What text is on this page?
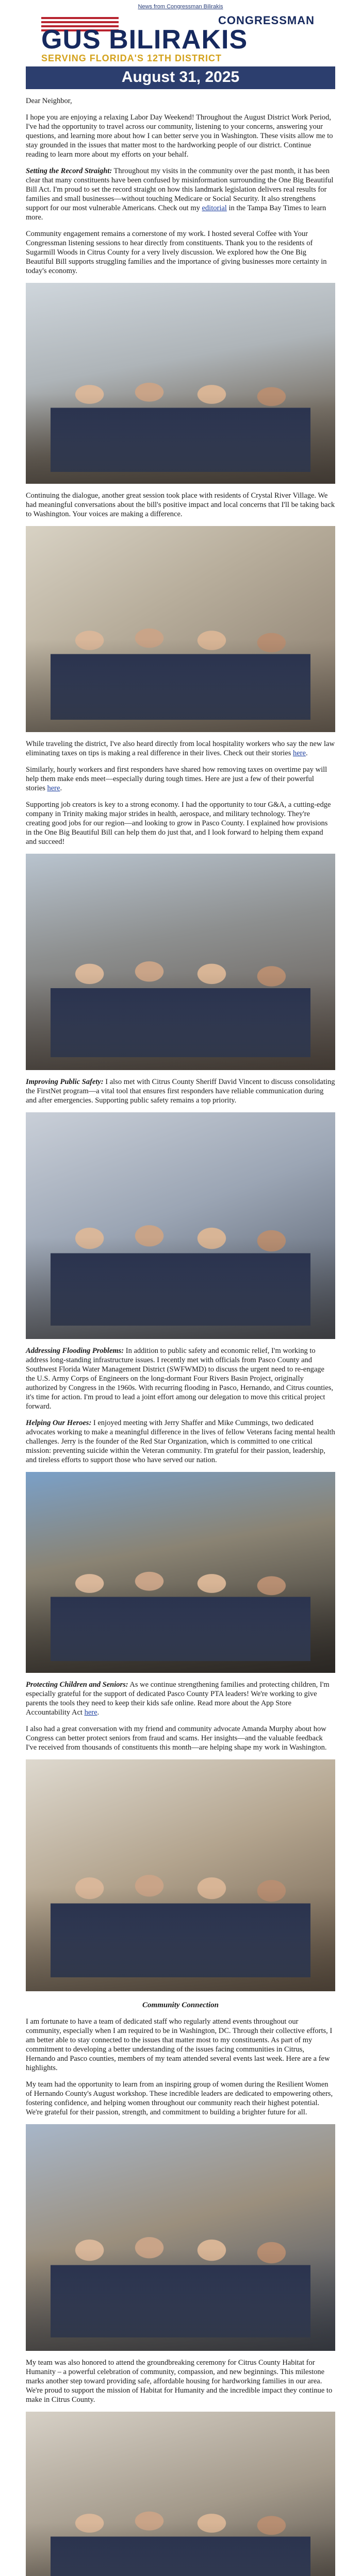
News from Congressman Bilirakis
CONGRESSMAN
GUS BILIRAKIS
SERVING FLORIDA'S 12TH DISTRICT
August 31, 2025

Dear Neighbor,

I hope you are enjoying a relaxing Labor Day Weekend! Throughout the August District Work Period, I've had the opportunity to travel across our community, listening to your concerns, answering your questions, and learning more about how I can better serve you in Washington. These visits allow me to stay grounded in the issues that matter most to the hardworking people of our district. Continue reading to learn more about my efforts on your behalf.

Setting the Record Straight: Throughout my visits in the community over the past month, it has been clear that many constituents have been confused by misinformation surrounding the One Big Beautiful Bill Act. I'm proud to set the record straight on how this landmark legislation delivers real results for families and small businesses—without touching Medicare or Social Security. It also strengthens support for our most vulnerable Americans. Check out my editorial in the Tampa Bay Times to learn more.

Community engagement remains a cornerstone of my work. I hosted several Coffee with Your Congressman listening sessions to hear directly from constituents. Thank you to the residents of Sugarmill Woods in Citrus County for a very lively discussion. We explored how the One Big Beautiful Bill supports struggling families and the importance of giving businesses more certainty in today's economy.

Continuing the dialogue, another great session took place with residents of Crystal River Village. We had meaningful conversations about the bill's positive impact and local concerns that I'll be taking back to Washington. Your voices are making a difference.

While traveling the district, I've also heard directly from local hospitality workers who say the new law eliminating taxes on tips is making a real difference in their lives. Check out their stories here.

Similarly, hourly workers and first responders have shared how removing taxes on overtime pay will help them make ends meet—especially during tough times. Here are just a few of their powerful stories here.

Supporting job creators is key to a strong economy. I had the opportunity to tour G&A, a cutting-edge company in Trinity making major strides in health, aerospace, and military technology. They're creating good jobs for our region—and looking to grow in Pasco County. I explained how provisions in the One Big Beautiful Bill can help them do just that, and I look forward to helping them expand and succeed!

Improving Public Safety: I also met with Citrus County Sheriff David Vincent to discuss consolidating the FirstNet program—a vital tool that ensures first responders have reliable communication during and after emergencies. Supporting public safety remains a top priority.

Addressing Flooding Problems: In addition to public safety and economic relief, I'm working to address long-standing infrastructure issues. I recently met with officials from Pasco County and Southwest Florida Water Management District (SWFWMD) to discuss the urgent need to re-engage the U.S. Army Corps of Engineers on the long-dormant Four Rivers Basin Project, originally authorized by Congress in the 1960s. With recurring flooding in Pasco, Hernando, and Citrus counties, it's time for action. I'm proud to lead a joint effort among our delegation to move this critical project forward.

Helping Our Heroes: I enjoyed meeting with Jerry Shaffer and Mike Cummings, two dedicated advocates working to make a meaningful difference in the lives of fellow Veterans facing mental health challenges. Jerry is the founder of the Red Star Organization, which is committed to one critical mission: preventing suicide within the Veteran community. I'm grateful for their passion, leadership, and tireless efforts to support those who have served our nation.

Protecting Children and Seniors: As we continue strengthening families and protecting children, I'm especially grateful for the support of dedicated Pasco County PTA leaders! We're working to give parents the tools they need to keep their kids safe online. Read more about the App Store Accountability Act here.

I also had a great conversation with my friend and community advocate Amanda Murphy about how Congress can better protect seniors from fraud and scams. Her insights—and the valuable feedback I've received from thousands of constituents this month—are helping shape my work in Washington.

Community Connection

I am fortunate to have a team of dedicated staff who regularly attend events throughout our community, especially when I am required to be in Washington, DC. Through their collective efforts, I am better able to stay connected to the issues that matter most to my constituents. As part of my commitment to developing a better understanding of the issues facing communities in Citrus, Hernando and Pasco counties, members of my team attended several events last week. Here are a few highlights.

My team had the opportunity to learn from an inspiring group of women during the Resilient Women of Hernando County's August workshop. These incredible leaders are dedicated to empowering others, fostering confidence, and helping women throughout our community reach their highest potential. We're grateful for their passion, strength, and commitment to building a brighter future for all.

My team was also honored to attend the groundbreaking ceremony for Citrus County Habitat for Humanity – a powerful celebration of community, compassion, and new beginnings. This milestone marks another step toward providing safe, affordable housing for hardworking families in our area. We're proud to support the mission of Habitat for Humanity and the incredible impact they continue to make in Citrus County.
